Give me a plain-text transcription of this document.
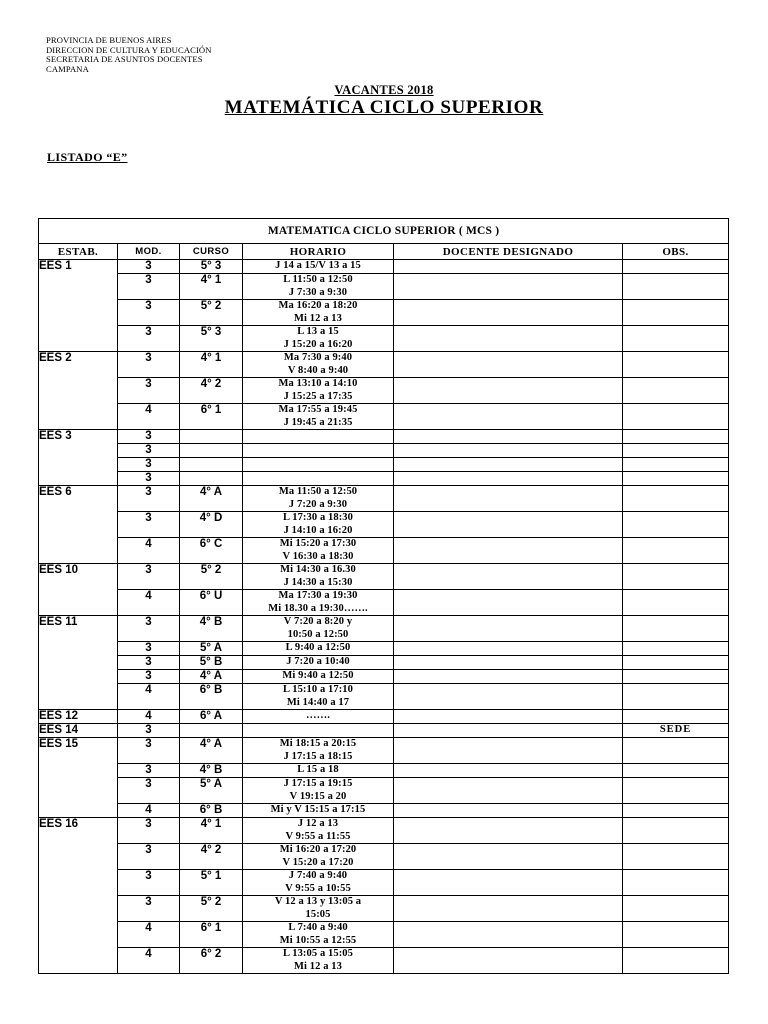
PROVINCIA DE BUENOS AIRES
DIRECCION DE CULTURA Y EDUCACIÓN
SECRETARIA DE ASUNTOS DOCENTES
CAMPANA
VACANTES 2018
MATEMÁTICA CICLO SUPERIOR
LISTADO “E”
MATEMATICA CICLO SUPERIOR ( MCS )					
ESTAB.	MOD.	CURSO	HORARIO	DOCENTE DESIGNADO	OBS.
EES 1	3	5° 3	J 14 a 15/V 13 a 15		

	3	4° 1	L 11:50 a 12:50
J 7:30 a 9:30		

	3	5° 2	Ma 16:20 a 18:20
Mi 12 a 13		

	3	5° 3	L 13 a 15
J 15:20 a 16:20		

EES 2	3	4° 1	Ma 7:30 a 9:40
V 8:40 a 9:40		

	3	4° 2	Ma 13:10 a 14:10
J 15:25 a 17:35		

	4	6° 1	Ma 17:55 a 19:45
J 19:45 a 21:35		

EES 3	3		

	3		

	3		

	3		

EES 6	3	4° A	Ma 11:50 a 12:50
J 7:20 a 9:30		

	3	4° D	L 17:30 a 18:30
J 14:10 a 16:20		

	4	6° C	Mi 15:20 a 17:30
V 16:30 a 18:30		

EES 10	3	5° 2	Mi 14:30 a 16.30
J 14:30 a 15:30		

	4	6° U	Ma 17:30 a 19:30
Mi 18.30 a 19:30…….		

EES 11	3	4° B	V 7:20 a 8:20 y
10:50 a 12:50		

	3	5° A	L 9:40 a 12:50		

	3	5° B	J 7:20 a 10:40		

	3	4° A	Mi 9:40 a 12:50		

	4	6° B	L 15:10 a 17:10
Mi 14:40 a 17		

EES 12	4	6° A	…….		

EES 14	3				SEDE
EES 15	3	4° A	Mi 18:15 a 20:15
J 17:15 a 18:15		

	3	4° B	L 15 a 18		

	3	5° A	J 17:15 a 19:15
V 19:15 a 20		

	4	6° B	Mi y V 15:15 a 17:15		

EES 16	3	4° 1	J 12 a 13
V 9:55 a 11:55		

	3	4° 2	Mi 16:20 a 17:20
V 15:20 a 17:20		

	3	5° 1	J 7:40 a 9:40
V 9:55 a 10:55		

	3	5° 2	V 12 a 13 y 13:05 a
15:05		

	4	6° 1	L 7:40 a 9:40
Mi 10:55 a 12:55		

	4	6° 2	L 13:05 a 15:05
Mi 12 a 13		
